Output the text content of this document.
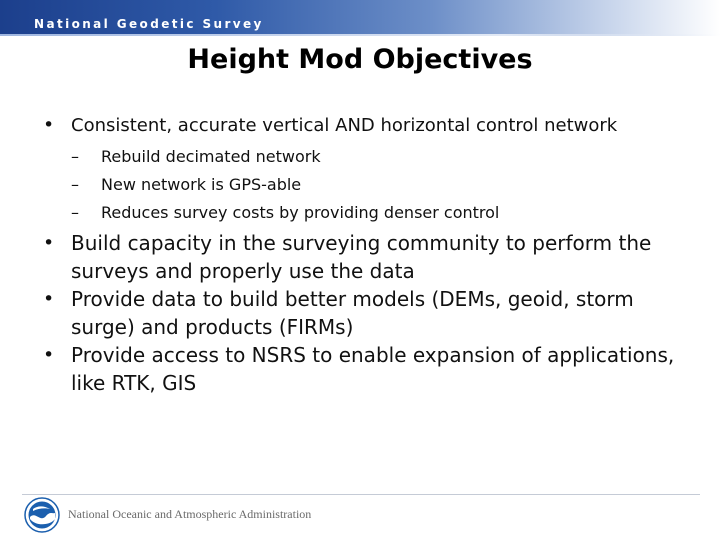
National Geodetic Survey
Height Mod Objectives
• Consistent, accurate vertical AND horizontal control network
– Rebuild decimated network
– New network is GPS-able
– Reduces survey costs by providing denser control
• Build capacity in the surveying community to perform the surveys and properly use the data
• Provide data to build better models (DEMs, geoid, storm surge) and products (FIRMs)
• Provide access to NSRS to enable expansion of applications, like RTK, GIS
National Oceanic and Atmospheric Administration
